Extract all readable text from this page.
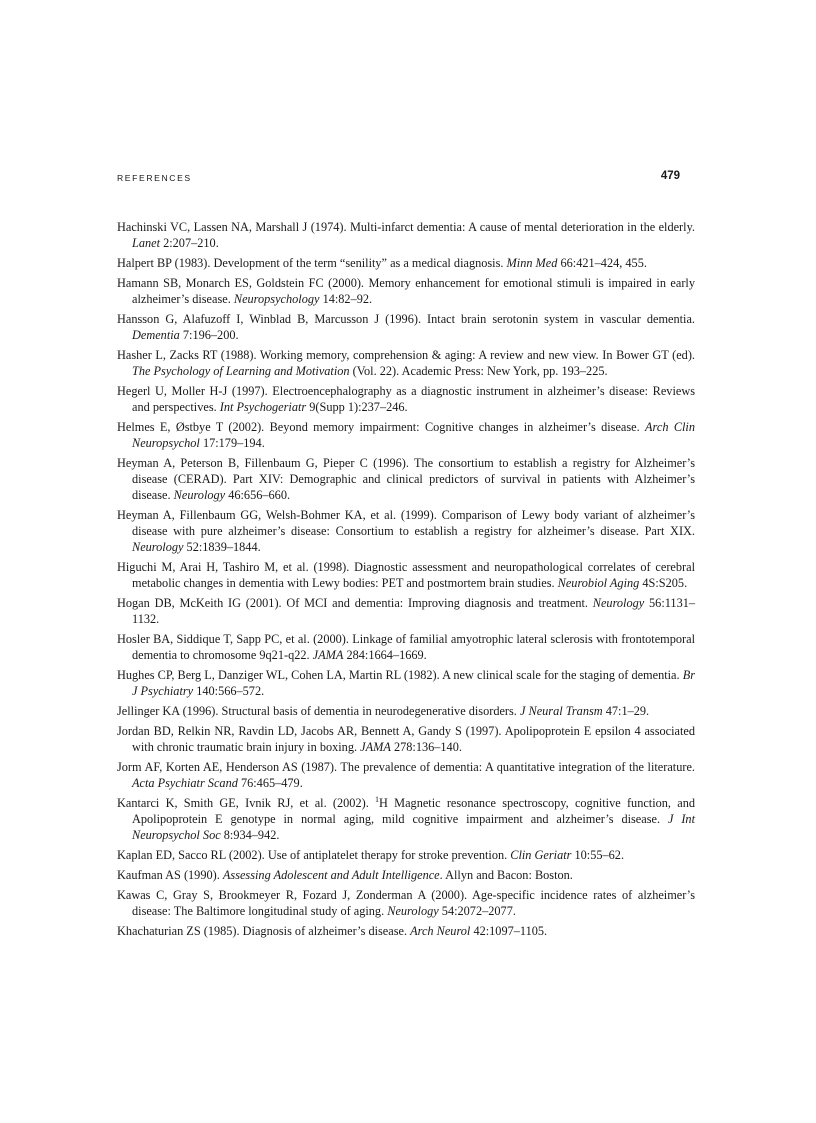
REFERENCES	479
Hachinski VC, Lassen NA, Marshall J (1974). Multi-infarct dementia: A cause of mental deterioration in the elderly. Lanet 2:207–210.
Halpert BP (1983). Development of the term “senility” as a medical diagnosis. Minn Med 66:421–424, 455.
Hamann SB, Monarch ES, Goldstein FC (2000). Memory enhancement for emotional stimuli is impaired in early alzheimer’s disease. Neuropsychology 14:82–92.
Hansson G, Alafuzoff I, Winblad B, Marcusson J (1996). Intact brain serotonin system in vascular dementia. Dementia 7:196–200.
Hasher L, Zacks RT (1988). Working memory, comprehension & aging: A review and new view. In Bower GT (ed). The Psychology of Learning and Motivation (Vol. 22). Academic Press: New York, pp. 193–225.
Hegerl U, Moller H-J (1997). Electroencephalography as a diagnostic instrument in alzheimer’s disease: Reviews and perspectives. Int Psychogeriatr 9(Supp 1):237–246.
Helmes E, Østbye T (2002). Beyond memory impairment: Cognitive changes in alzheimer’s disease. Arch Clin Neuropsychol 17:179–194.
Heyman A, Peterson B, Fillenbaum G, Pieper C (1996). The consortium to establish a registry for Alzheimer’s disease (CERAD). Part XIV: Demographic and clinical predictors of survival in patients with Alzheimer’s disease. Neurology 46:656–660.
Heyman A, Fillenbaum GG, Welsh-Bohmer KA, et al. (1999). Comparison of Lewy body variant of alzheimer’s disease with pure alzheimer’s disease: Consortium to establish a registry for alzheimer’s disease. Part XIX. Neurology 52:1839–1844.
Higuchi M, Arai H, Tashiro M, et al. (1998). Diagnostic assessment and neuropathological correlates of cerebral metabolic changes in dementia with Lewy bodies: PET and postmortem brain studies. Neurobiol Aging 4S:S205.
Hogan DB, McKeith IG (2001). Of MCI and dementia: Improving diagnosis and treatment. Neurology 56:1131–1132.
Hosler BA, Siddique T, Sapp PC, et al. (2000). Linkage of familial amyotrophic lateral sclerosis with frontotemporal dementia to chromosome 9q21-q22. JAMA 284:1664–1669.
Hughes CP, Berg L, Danziger WL, Cohen LA, Martin RL (1982). A new clinical scale for the staging of dementia. Br J Psychiatry 140:566–572.
Jellinger KA (1996). Structural basis of dementia in neurodegenerative disorders. J Neural Transm 47:1–29.
Jordan BD, Relkin NR, Ravdin LD, Jacobs AR, Bennett A, Gandy S (1997). Apolipoprotein E epsilon 4 associated with chronic traumatic brain injury in boxing. JAMA 278:136–140.
Jorm AF, Korten AE, Henderson AS (1987). The prevalence of dementia: A quantitative integration of the literature. Acta Psychiatr Scand 76:465–479.
Kantarci K, Smith GE, Ivnik RJ, et al. (2002). $^1$H Magnetic resonance spectroscopy, cognitive function, and Apolipoprotein E genotype in normal aging, mild cognitive impairment and alzheimer’s disease. J Int Neuropsychol Soc 8:934–942.
Kaplan ED, Sacco RL (2002). Use of antiplatelet therapy for stroke prevention. Clin Geriatr 10:55–62.
Kaufman AS (1990). Assessing Adolescent and Adult Intelligence. Allyn and Bacon: Boston.
Kawas C, Gray S, Brookmeyer R, Fozard J, Zonderman A (2000). Age-specific incidence rates of alzheimer’s disease: The Baltimore longitudinal study of aging. Neurology 54:2072–2077.
Khachaturian ZS (1985). Diagnosis of alzheimer’s disease. Arch Neurol 42:1097–1105.
